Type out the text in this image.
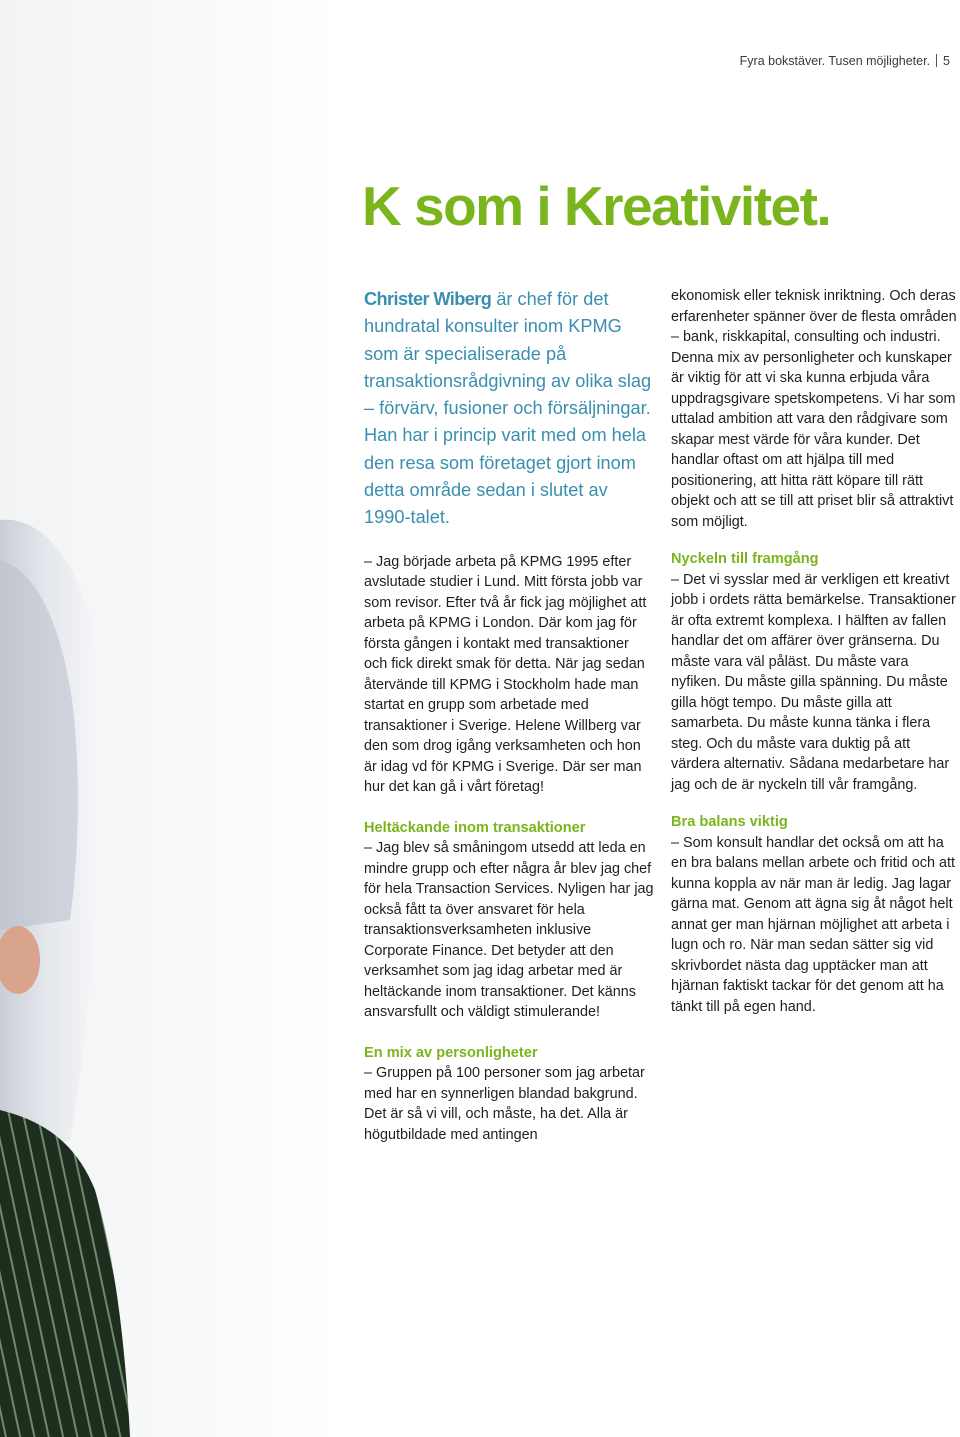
Fyra bokstäver. Tusen möjligheter. 5
K som i Kreativitet.

Christer Wiberg är chef för det hundratal konsulter inom KPMG som är specialiserade på transaktionsrådgivning av olika slag – förvärv, fusioner och försäljningar. Han har i princip varit med om hela den resa som företaget gjort inom detta område sedan i slutet av 1990-talet.

– Jag började arbeta på KPMG 1995 efter avslutade studier i Lund. Mitt första jobb var som revisor. Efter två år fick jag möjlighet att arbeta på KPMG i London. Där kom jag för första gången i kontakt med transaktioner och fick direkt smak för detta. När jag sedan återvände till KPMG i Stockholm hade man startat en grupp som arbetade med transaktioner i Sverige. Helene Willberg var den som drog igång verksamheten och hon är idag vd för KPMG i Sverige. Där ser man hur det kan gå i vårt företag!

Heltäckande inom transaktioner

– Jag blev så småningom utsedd att leda en mindre grupp och efter några år blev jag chef för hela Transaction Services. Nyligen har jag också fått ta över ansvaret för hela transaktionsverksamheten inklusive Corporate Finance. Det betyder att den verksamhet som jag idag arbetar med är heltäckande inom transaktioner. Det känns ansvarsfullt och väldigt stimulerande!

En mix av personligheter

– Gruppen på 100 personer som jag arbetar med har en synnerligen blandad bakgrund. Det är så vi vill, och måste, ha det. Alla är högutbildade med antingen

ekonomisk eller teknisk inriktning. Och deras erfarenheter spänner över de flesta områden – bank, riskkapital, consulting och industri. Denna mix av personligheter och kunskaper är viktig för att vi ska kunna erbjuda våra uppdragsgivare spetskompetens. Vi har som uttalad ambition att vara den rådgivare som skapar mest värde för våra kunder. Det handlar oftast om att hjälpa till med positionering, att hitta rätt köpare till rätt objekt och att se till att priset blir så attraktivt som möjligt.

Nyckeln till framgång

– Det vi sysslar med är verkligen ett kreativt jobb i ordets rätta bemärkelse. Transaktioner är ofta extremt komplexa. I hälften av fallen handlar det om affärer över gränserna. Du måste vara väl påläst. Du måste vara nyfiken. Du måste gilla spänning. Du måste gilla högt tempo. Du måste gilla att samarbeta. Du måste kunna tänka i flera steg. Och du måste vara duktig på att värdera alternativ. Sådana medarbetare har jag och de är nyckeln till vår framgång.

Bra balans viktig

– Som konsult handlar det också om att ha en bra balans mellan arbete och fritid och att kunna koppla av när man är ledig. Jag lagar gärna mat. Genom att ägna sig åt något helt annat ger man hjärnan möjlighet att arbeta i lugn och ro. När man sedan sätter sig vid skrivbordet nästa dag upptäcker man att hjärnan faktiskt tackar för det genom att ha tänkt till på egen hand.
